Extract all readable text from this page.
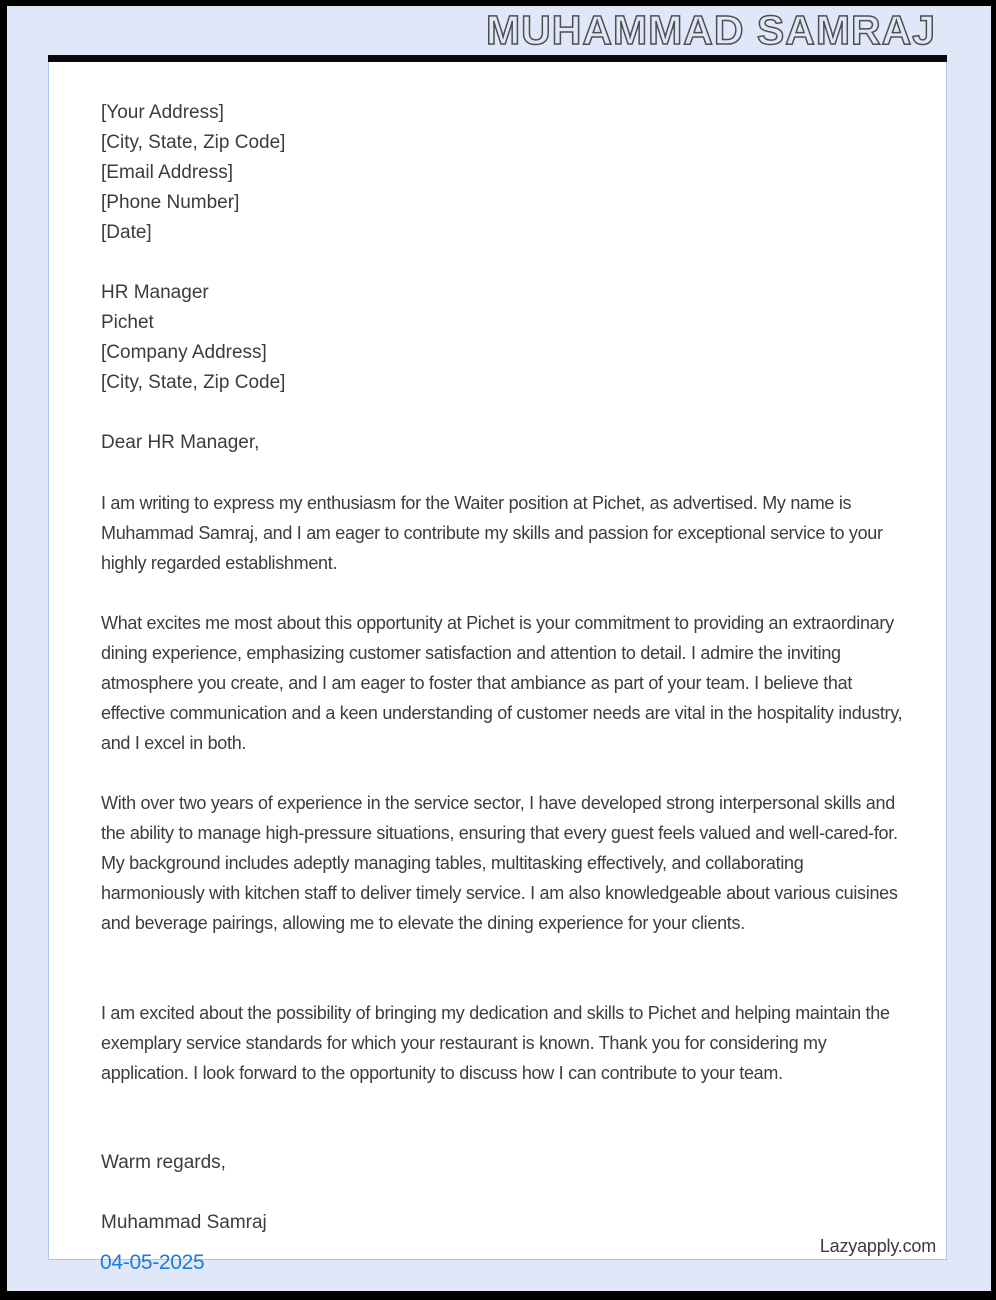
MUHAMMAD SAMRAJ
[Your Address]
[City, State, Zip Code]
[Email Address]
[Phone Number]
[Date]
HR Manager
Pichet
[Company Address]
[City, State, Zip Code]
Dear HR Manager,
I am writing to express my enthusiasm for the Waiter position at Pichet, as advertised. My name is Muhammad Samraj, and I am eager to contribute my skills and passion for exceptional service to your highly regarded establishment.
What excites me most about this opportunity at Pichet is your commitment to providing an extraordinary dining experience, emphasizing customer satisfaction and attention to detail. I admire the inviting atmosphere you create, and I am eager to foster that ambiance as part of your team. I believe that effective communication and a keen understanding of customer needs are vital in the hospitality industry, and I excel in both.
With over two years of experience in the service sector, I have developed strong interpersonal skills and the ability to manage high-pressure situations, ensuring that every guest feels valued and well-cared-for. My background includes adeptly managing tables, multitasking effectively, and collaborating harmoniously with kitchen staff to deliver timely service. I am also knowledgeable about various cuisines and beverage pairings, allowing me to elevate the dining experience for your clients.
I am excited about the possibility of bringing my dedication and skills to Pichet and helping maintain the exemplary service standards for which your restaurant is known. Thank you for considering my application. I look forward to the opportunity to discuss how I can contribute to your team.
Warm regards,
Muhammad Samraj
Lazyapply.com
04-05-2025
